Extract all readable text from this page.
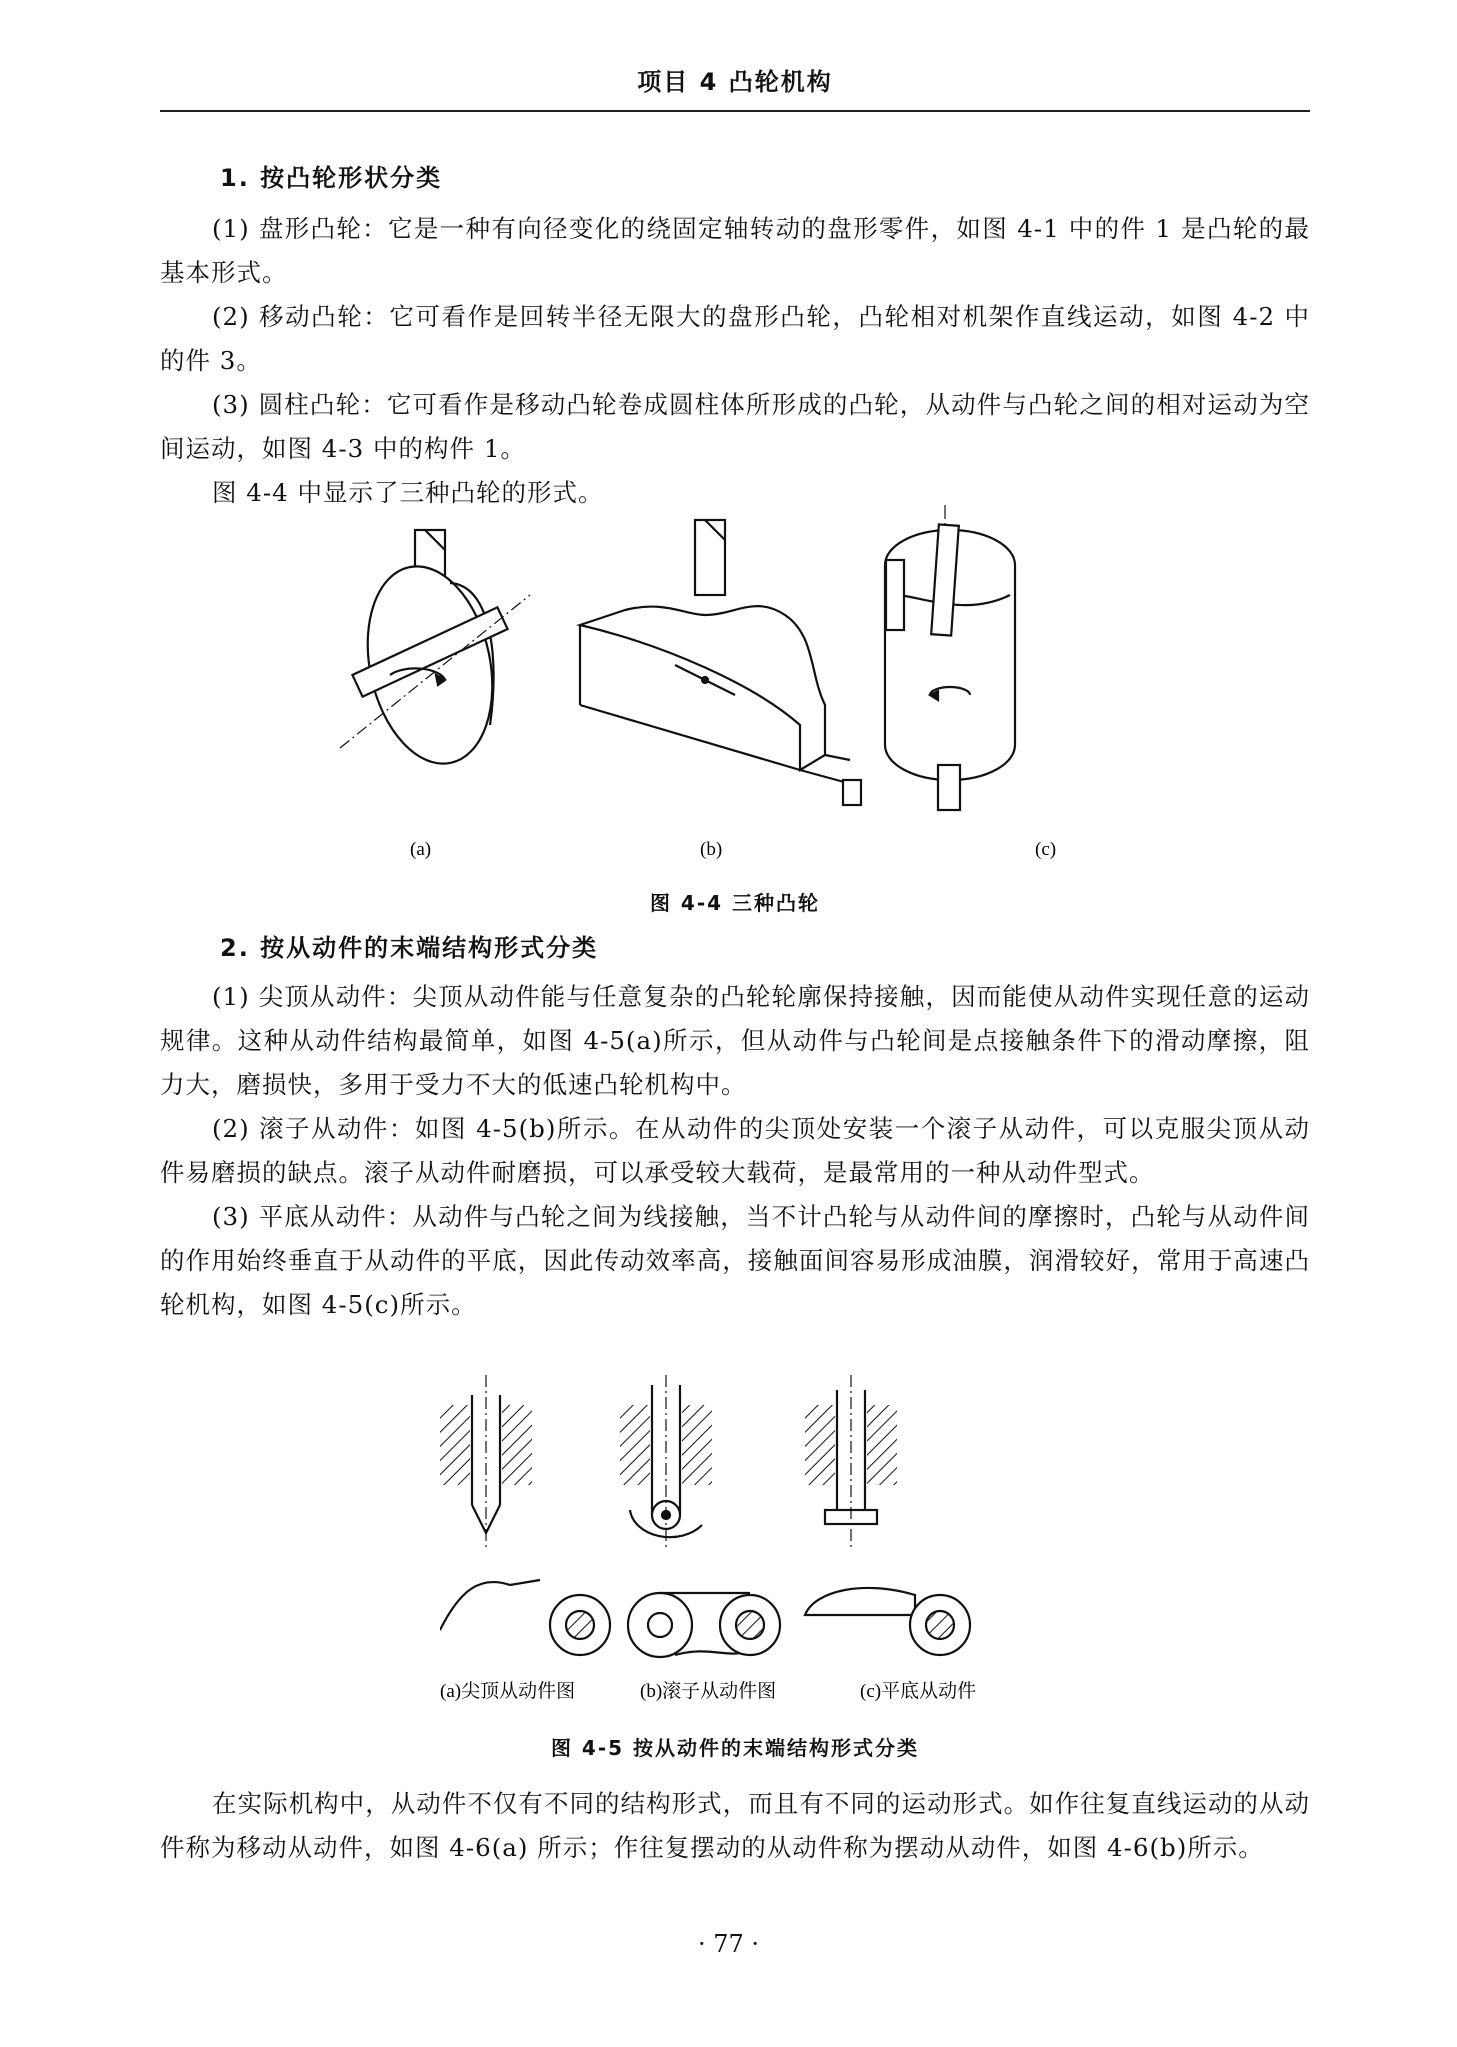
项目 4 凸轮机构
1. 按凸轮形状分类

(1) 盘形凸轮：它是一种有向径变化的绕固定轴转动的盘形零件，如图 4-1 中的件 1 是凸轮的最基本形式。

(2) 移动凸轮：它可看作是回转半径无限大的盘形凸轮，凸轮相对机架作直线运动，如图 4-2 中的件 3。

(3) 圆柱凸轮：它可看作是移动凸轮卷成圆柱体所形成的凸轮，从动件与凸轮之间的相对运动为空间运动，如图 4-3 中的构件 1。

图 4-4 中显示了三种凸轮的形式。

(a)	(b)	(c)
图 4-4 三种凸轮
2. 按从动件的末端结构形式分类

(1) 尖顶从动件：尖顶从动件能与任意复杂的凸轮轮廓保持接触，因而能使从动件实现任意的运动规律。这种从动件结构最简单，如图 4-5(a)所示，但从动件与凸轮间是点接触条件下的滑动摩擦，阻力大，磨损快，多用于受力不大的低速凸轮机构中。

(2) 滚子从动件：如图 4-5(b)所示。在从动件的尖顶处安装一个滚子从动件，可以克服尖顶从动件易磨损的缺点。滚子从动件耐磨损，可以承受较大载荷，是最常用的一种从动件型式。

(3) 平底从动件：从动件与凸轮之间为线接触，当不计凸轮与从动件间的摩擦时，凸轮与从动件间的作用始终垂直于从动件的平底，因此传动效率高，接触面间容易形成油膜，润滑较好，常用于高速凸轮机构，如图 4-5(c)所示。

(a)尖顶从动件图	(b)滚子从动件图	(c)平底从动件
图 4-5 按从动件的末端结构形式分类

在实际机构中，从动件不仅有不同的结构形式，而且有不同的运动形式。如作往复直线运动的从动件称为移动从动件，如图 4-6(a) 所示；作往复摆动的从动件称为摆动从动件，如图 4-6(b)所示。

· 77 ·
